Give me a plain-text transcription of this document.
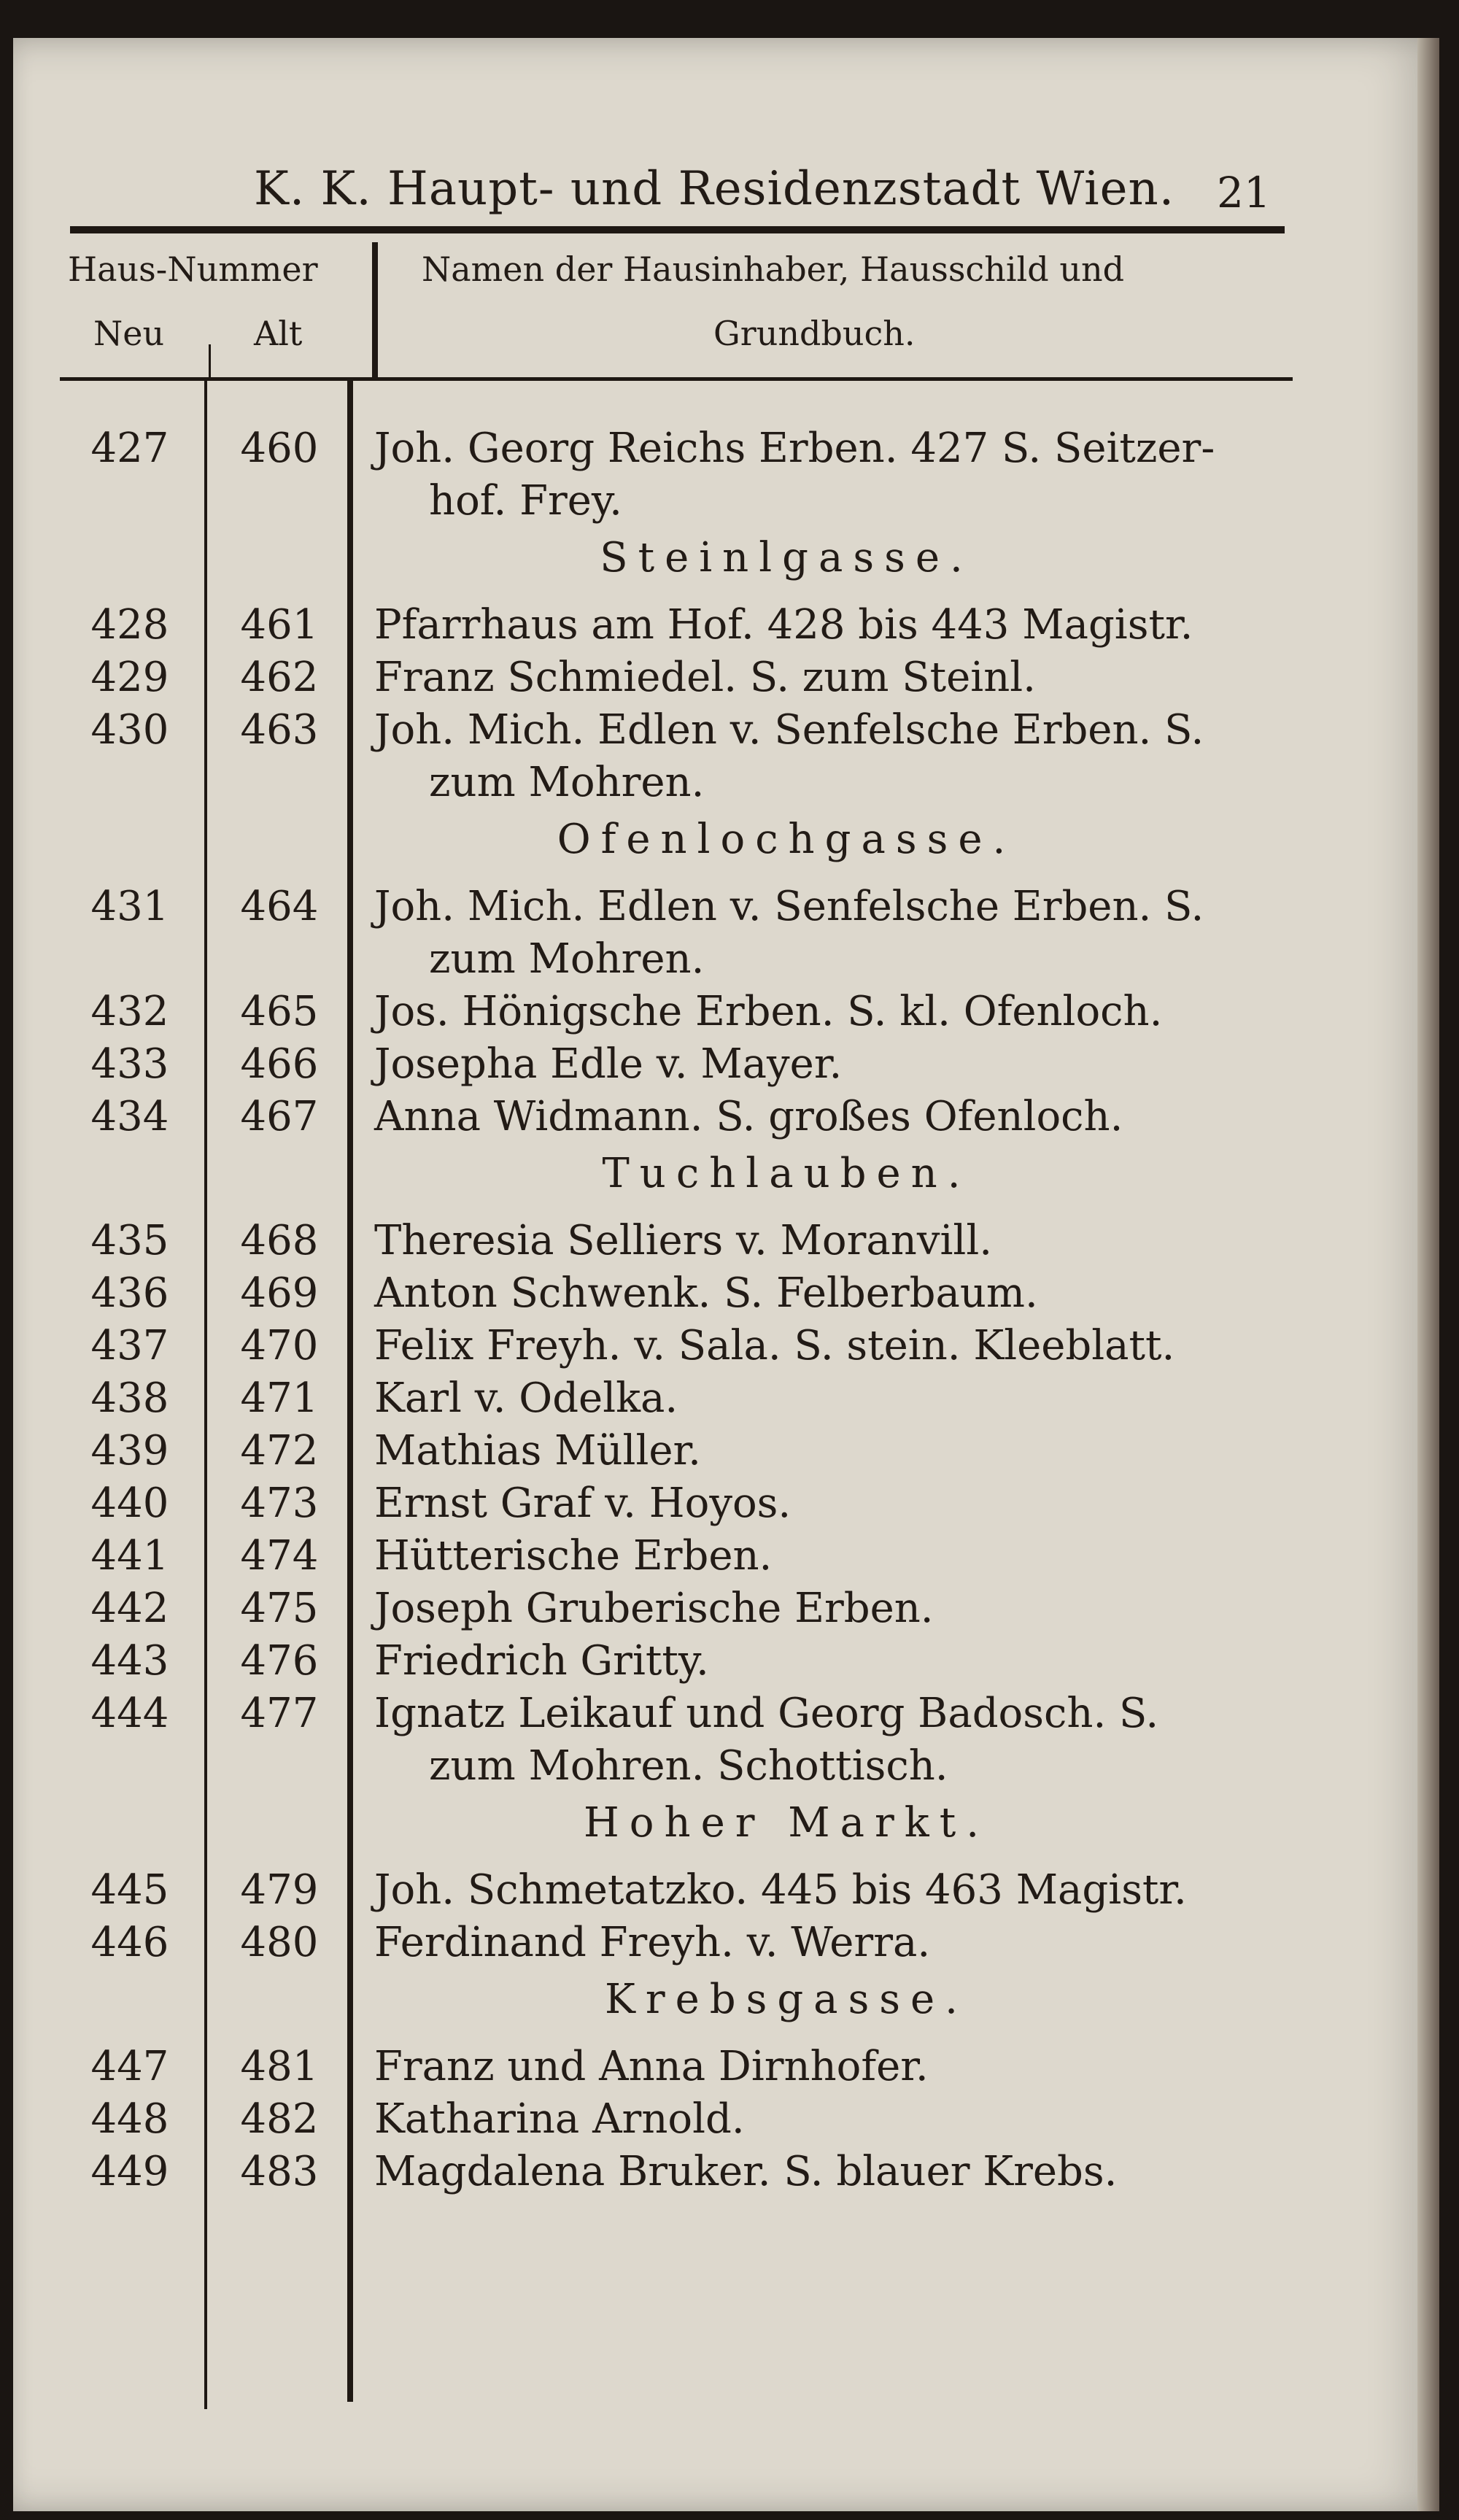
K. K. Haupt- und Residenzstadt Wien. 21
Haus-Nummer
Neu	Alt
Namen der Hausinhaber, Hausschild und
Grundbuch.
427	460	Joh. Georg Reichs Erben. 427 S. Seitzer-
hof. Frey.
Steinlgasse.
428	461	Pfarrhaus am Hof. 428 bis 443 Magistr.
429	462	Franz Schmiedel. S. zum Steinl.
430	463	Joh. Mich. Edlen v. Senfelsche Erben. S.
zum Mohren.
Ofenlochgasse.
431	464	Joh. Mich. Edlen v. Senfelsche Erben. S.
zum Mohren.
432	465	Jos. Hönigsche Erben. S. kl. Ofenloch.
433	466	Josepha Edle v. Mayer.
434	467	Anna Widmann. S. großes Ofenloch.
Tuchlauben.
435	468	Theresia Selliers v. Moranvill.
436	469	Anton Schwenk. S. Felberbaum.
437	470	Felix Freyh. v. Sala. S. stein. Kleeblatt.
438	471	Karl v. Odelka.
439	472	Mathias Müller.
440	473	Ernst Graf v. Hoyos.
441	474	Hütterische Erben.
442	475	Joseph Gruberische Erben.
443	476	Friedrich Gritty.
444	477	Ignatz Leikauf und Georg Badosch. S.
zum Mohren. Schottisch.
Hoher Markt.
445	479	Joh. Schmetatzko. 445 bis 463 Magistr.
446	480	Ferdinand Freyh. v. Werra.
Krebsgasse.
447	481	Franz und Anna Dirnhofer.
448	482	Katharina Arnold.
449	483	Magdalena Bruker. S. blauer Krebs.
